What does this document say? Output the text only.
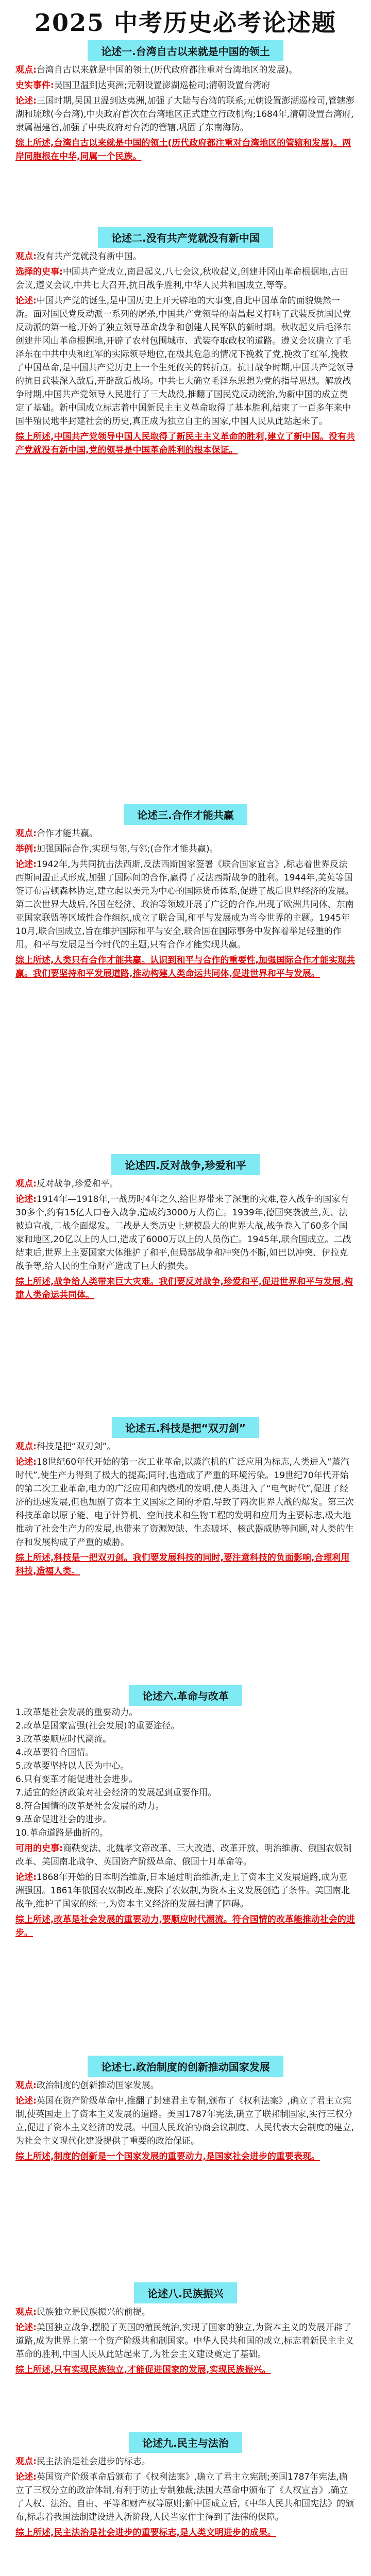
2025 中考历史必考论述题
论述一.台湾自古以来就是中国的领土

观点:台湾自古以来就是中国的领土(历代政府都注重对台湾地区的发展)。

史实事件:吴国卫温到达夷洲;元朝设置澎湖巡检司;清朝设置台湾府

论述:三国时期,吴国卫温到达夷洲,加强了大陆与台湾的联系;元朝设置澎湖巡检司,管辖澎湖和琉球(今台湾),中央政府首次在台湾地区正式建立行政机构;1684年,清朝设置台湾府,隶属福建省,加强了中央政府对台湾的管辖,巩固了东南海防。

综上所述,台湾自古以来就是中国的领土(历代政府都注重对台湾地区的管辖和发展)。两岸同胞根在中华,同属一个民族。

论述二.没有共产党就没有新中国

观点:没有共产党就没有新中国。

选择的史事:中国共产党成立,南昌起义,八七会议,秋收起义,创建井冈山革命根据地,古田会议,遵义会议,中共七大召开,抗日战争胜利,中华人民共和国成立,等等。

论述:中国共产党的诞生,是中国历史上开天辟地的大事变,自此中国革命的面貌焕然一新。面对国民党反动派一系列的屠杀,中国共产党领导的南昌起义打响了武装反抗国民党反动派的第一枪,开始了独立领导革命战争和创建人民军队的新时期。秋收起义后毛泽东创建井冈山革命根据地,开辟了农村包围城市、武装夺取政权的道路。遵义会议确立了毛泽东在中共中央和红军的实际领导地位,在极其危急的情况下挽救了党,挽救了红军,挽救了中国革命,是中国共产党历史上一个生死攸关的转折点。抗日战争时期,中国共产党领导的抗日武装深入敌后,开辟敌后战场。中共七大确立毛泽东思想为党的指导思想。解放战争时期,中国共产党领导人民进行了三大战役,推翻了国民党反动统治,为新中国的成立奠定了基础。新中国成立标志着中国新民主主义革命取得了基本胜利,结束了一百多年来中国半殖民地半封建社会的历史,真正成为独立自主的国家,中国人民从此站起来了。

综上所述,中国共产党领导中国人民取得了新民主主义革命的胜利,建立了新中国。没有共产党就没有新中国,党的领导是中国革命胜利的根本保证。

论述三.合作才能共赢

观点:合作才能共赢。

举例:加强国际合作,实现与邻,与邻;(合作才能共赢)。

论述:1942年,为共同抗击法西斯,反法西斯国家签署《联合国家宣言》,标志着世界反法西斯同盟正式形成,加强了国际间的合作,赢得了反法西斯战争的胜利。1944年,美英等国签订布雷顿森林协定,建立起以美元为中心的国际货币体系,促进了战后世界经济的发展。第二次世界大战后,各国在经济、政治等领域开展了广泛的合作,出现了欧洲共同体、东南亚国家联盟等区域性合作组织,成立了联合国,和平与发展成为当今世界的主题。1945年10月,联合国成立,旨在维护国际和平与安全,联合国在国际事务中发挥着举足轻重的作用。和平与发展是当今时代的主题,只有合作才能实现共赢。

综上所述,人类只有合作才能共赢。认识到和平与合作的重要性,加强国际合作才能实现共赢。我们要坚持和平发展道路,推动构建人类命运共同体,促进世界和平与发展。

论述四.反对战争,珍爱和平

观点:反对战争,珍爱和平。

论述:1914年—1918年,一战历时4年之久,给世界带来了深重的灾难,卷入战争的国家有30多个,约有15亿人口卷入战争,造成约3000万人伤亡。1939年,德国突袭波兰,英、法被迫宣战,二战全面爆发。二战是人类历史上规模最大的世界大战,战争卷入了60多个国家和地区,20亿以上的人口,造成了6000万以上的人员伤亡。1945年,联合国成立。二战结束后,世界上主要国家大体维护了和平,但局部战争和冲突仍不断,如巴以冲突、伊拉克战争等,给人民的生命财产造成了巨大的损失。

综上所述,战争给人类带来巨大灾难。我们要反对战争,珍爱和平,促进世界和平与发展,构建人类命运共同体。

论述五.科技是把“双刃剑”

观点:科技是把“双刃剑”。

论述:18世纪60年代开始的第一次工业革命,以蒸汽机的广泛应用为标志,人类进入“蒸汽时代”,使生产力得到了极大的提高;同时,也造成了严重的环境污染。19世纪70年代开始的第二次工业革命,电力的广泛应用和内燃机的发明,使人类进入了“电气时代”,促进了经济的迅速发展,但也加剧了资本主义国家之间的矛盾,导致了两次世界大战的爆发。第三次科技革命以原子能、电子计算机、空间技术和生物工程的发明和应用为主要标志,极大地推动了社会生产力的发展,也带来了资源短缺、生态破坏、核武器威胁等问题,对人类的生存和发展构成了严重的威胁。

综上所述,科技是一把双刃剑。我们要发展科技的同时,要注意科技的负面影响,合理利用科技,造福人类。

论述六.革命与改革
1.改革是社会发展的重要动力。
2.改革是国家富强(社会发展)的重要途径。
3.改革要顺应时代潮流。
4.改革要符合国情。
5.改革要坚持以人民为中心。
6.只有变革才能促进社会进步。
7.适宜的经济政策对社会经济的发展起到重要作用。
8.符合国情的改革是社会发展的动力。
9.革命促进社会的进步。
10.革命道路是曲折的。

可用的史事:商鞅变法、北魏孝文帝改革、三大改造、改革开放、明治维新、俄国农奴制改革、美国南北战争、英国资产阶级革命、俄国十月革命等。

论述:1868年开始的日本明治维新,日本通过明治维新,走上了资本主义发展道路,成为亚洲强国。1861年俄国农奴制改革,废除了农奴制,为资本主义发展创造了条件。美国南北战争,维护了国家的统一,为资本主义经济的发展扫清了障碍。

综上所述,改革是社会发展的重要动力,要顺应时代潮流。符合国情的改革能推动社会的进步。

论述七.政治制度的创新推动国家发展

观点:政治制度的创新推动国家发展。

论述:英国在资产阶级革命中,推翻了封建君主专制,颁布了《权利法案》,确立了君主立宪制,使英国走上了资本主义发展的道路。美国1787年宪法,确立了联邦制国家,实行三权分立,促进了资本主义经济的发展。中国人民政治协商会议制度、人民代表大会制度的建立,为社会主义现代化建设提供了重要的政治保证。

综上所述,制度的创新是一个国家发展的重要动力,是国家社会进步的重要表现。

论述八.民族振兴

观点:民族独立是民族振兴的前提。

论述:美国独立战争,摆脱了英国的殖民统治,实现了国家的独立,为资本主义的发展开辟了道路,成为世界上第一个资产阶级共和制国家。中华人民共和国的成立,标志着新民主主义革命的胜利,中国人民从此站起来了,为社会主义建设奠定了基础。

综上所述,只有实现民族独立,才能促进国家的发展,实现民族振兴。

论述九.民主与法治

观点:民主法治是社会进步的标志。

论述:英国资产阶级革命后颁布了《权利法案》,确立了君主立宪制;美国1787年宪法,确立了三权分立的政治体制,有利于防止专制独裁;法国大革命中颁布了《人权宣言》,确立了人权、法治、自由、平等和财产权等原则;新中国成立后,《中华人民共和国宪法》的颁布,标志着我国法制建设进入新阶段,人民当家作主得到了法律的保障。

综上所述,民主法治是社会进步的重要标志,是人类文明进步的成果。
